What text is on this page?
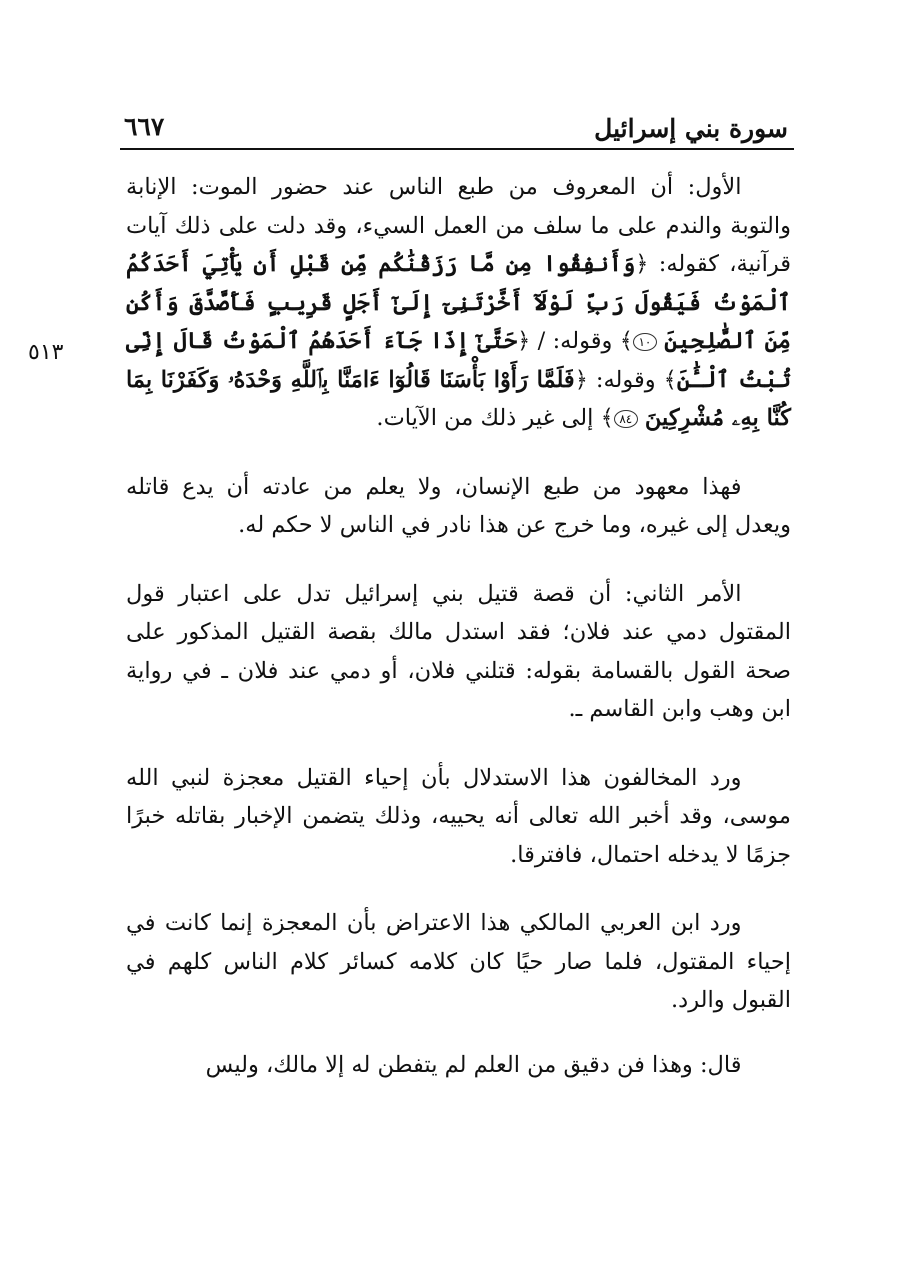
سورة بني إسرائيل
٦٦٧
٥١٣

الأول: أن المعروف من طبع الناس عند حضور الموت: الإنابة والتوبة والندم على ما سلف من العمل السيء، وقد دلت على ذلك آيات قرآنية، كقوله: ﴿وَأَنفِقُوا مِن مَّا رَزَقْنَٰكُم مِّن قَبْلِ أَن يَأْتِيَ أَحَدَكُمُ ٱلْمَوْتُ فَيَقُولَ رَبِّ لَوْلَآ أَخَّرْتَنِىٓ إِلَىٰٓ أَجَلٍ قَرِيبٍ فَأَصَّدَّقَ وَأَكُن مِّنَ ٱلصَّٰلِحِينَ ١٠﴾ وقوله: / ﴿حَتَّىٰٓ إِذَا جَآءَ أَحَدَهُمُ ٱلْمَوْتُ قَالَ إِنِّى تُبْتُ ٱلْـَٰٔنَ﴾ وقوله: ﴿فَلَمَّا رَأَوْا بَأْسَنَا قَالُوٓا ءَامَنَّا بِٱللَّهِ وَحْدَهُۥ وَكَفَرْنَا بِمَا كُنَّا بِهِۦ مُشْرِكِينَ ٨٤﴾ إلى غير ذلك من الآيات.

فهذا معهود من طبع الإنسان، ولا يعلم من عادته أن يدع قاتله ويعدل إلى غيره، وما خرج عن هذا نادر في الناس لا حكم له.

الأمر الثاني: أن قصة قتيل بني إسرائيل تدل على اعتبار قول المقتول دمي عند فلان؛ فقد استدل مالك بقصة القتيل المذكور على صحة القول بالقسامة بقوله: قتلني فلان، أو دمي عند فلان ـ في رواية ابن وهب وابن القاسم ـ.

ورد المخالفون هذا الاستدلال بأن إحياء القتيل معجزة لنبي الله موسى، وقد أخبر الله تعالى أنه يحييه، وذلك يتضمن الإخبار بقاتله خبرًا جزمًا لا يدخله احتمال، فافترقا.

ورد ابن العربي المالكي هذا الاعتراض بأن المعجزة إنما كانت في إحياء المقتول، فلما صار حيًا كان كلامه كسائر كلام الناس كلهم في القبول والرد.

قال: وهذا فن دقيق من العلم لم يتفطن له إلا مالك، وليس
